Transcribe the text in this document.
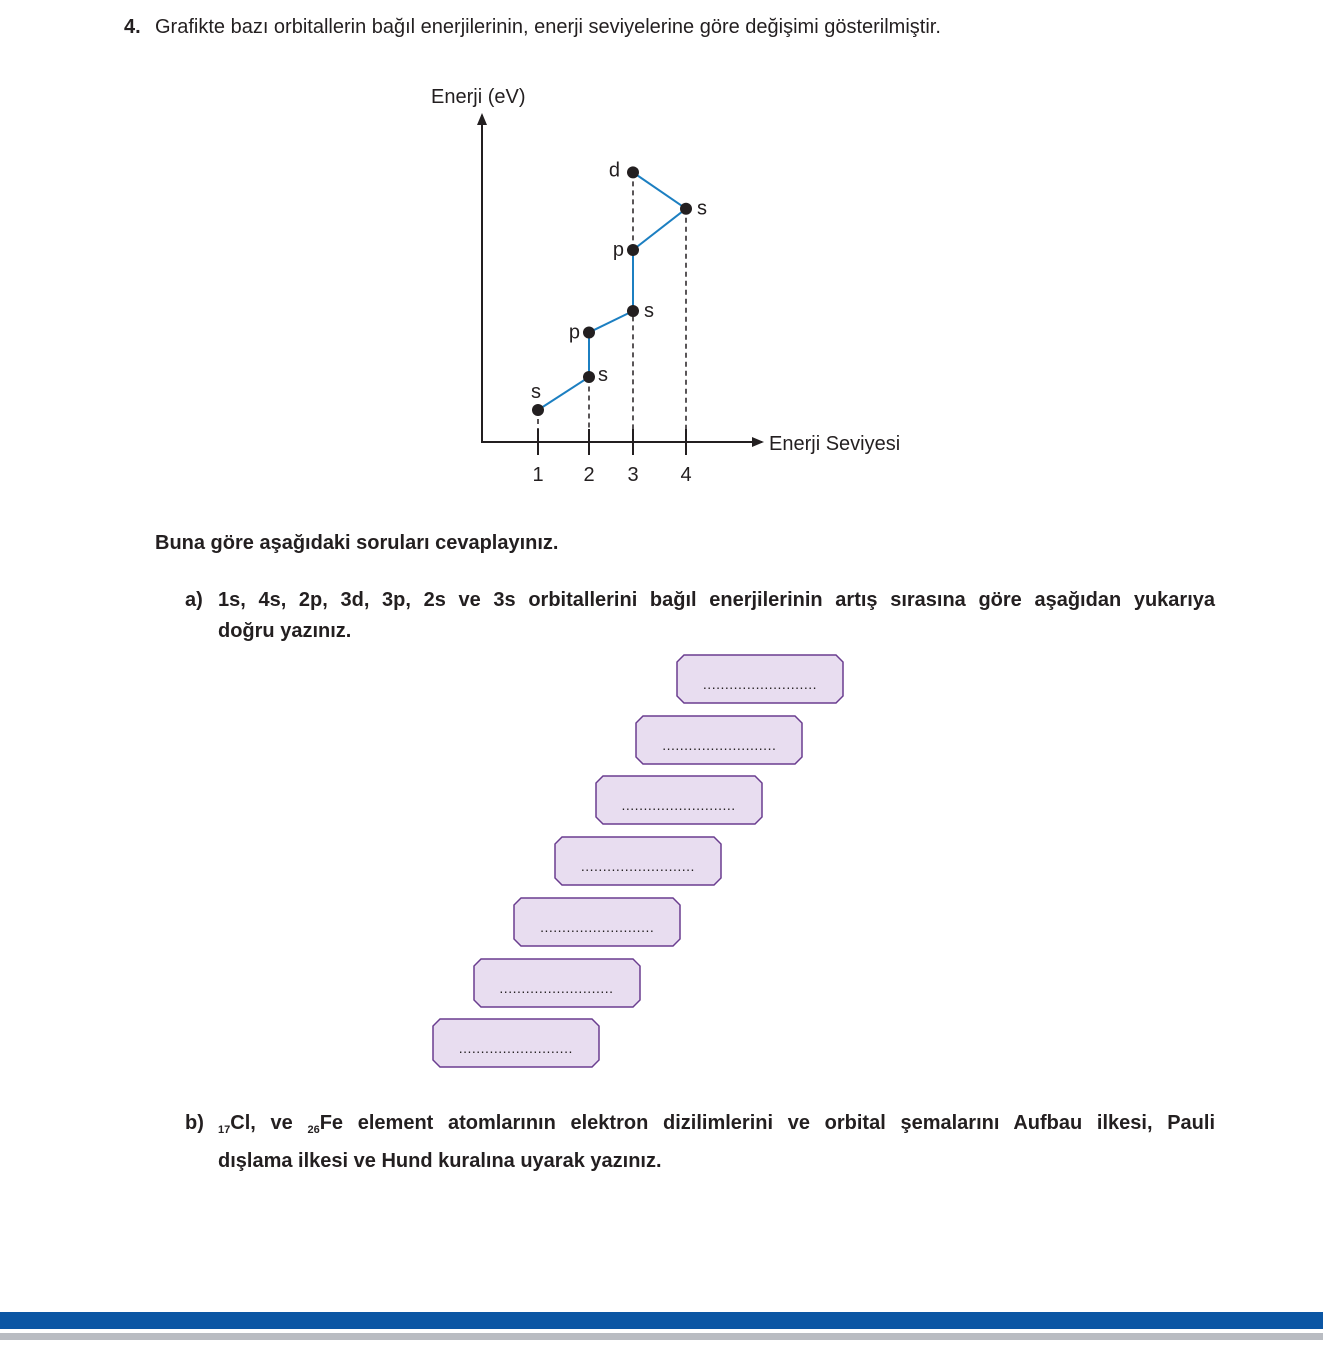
4. Grafikte bazı orbitallerin bağıl enerjilerinin, enerji seviyelerine göre değişimi gösterilmiştir.
Enerji (eV)
Enerji Seviyesi
1 2 3 4
s
s
p
s
p
s
d
Buna göre aşağıdaki soruları cevaplayınız.
a) 1s, 4s, 2p, 3d, 3p, 2s ve 3s orbitallerini bağıl enerjilerinin artış sırasına göre aşağıdan yukarıya
doğru yazınız.
..........................
..........................
..........................
..........................
..........................
..........................
..........................
b)	$_{17}$Cl, ve $_{26}$Fe element atomlarının elektron dizilimlerini ve orbital şemalarını Aufbau ilkesi, Pauli
dışlama ilkesi ve Hund kuralına uyarak yazınız.
